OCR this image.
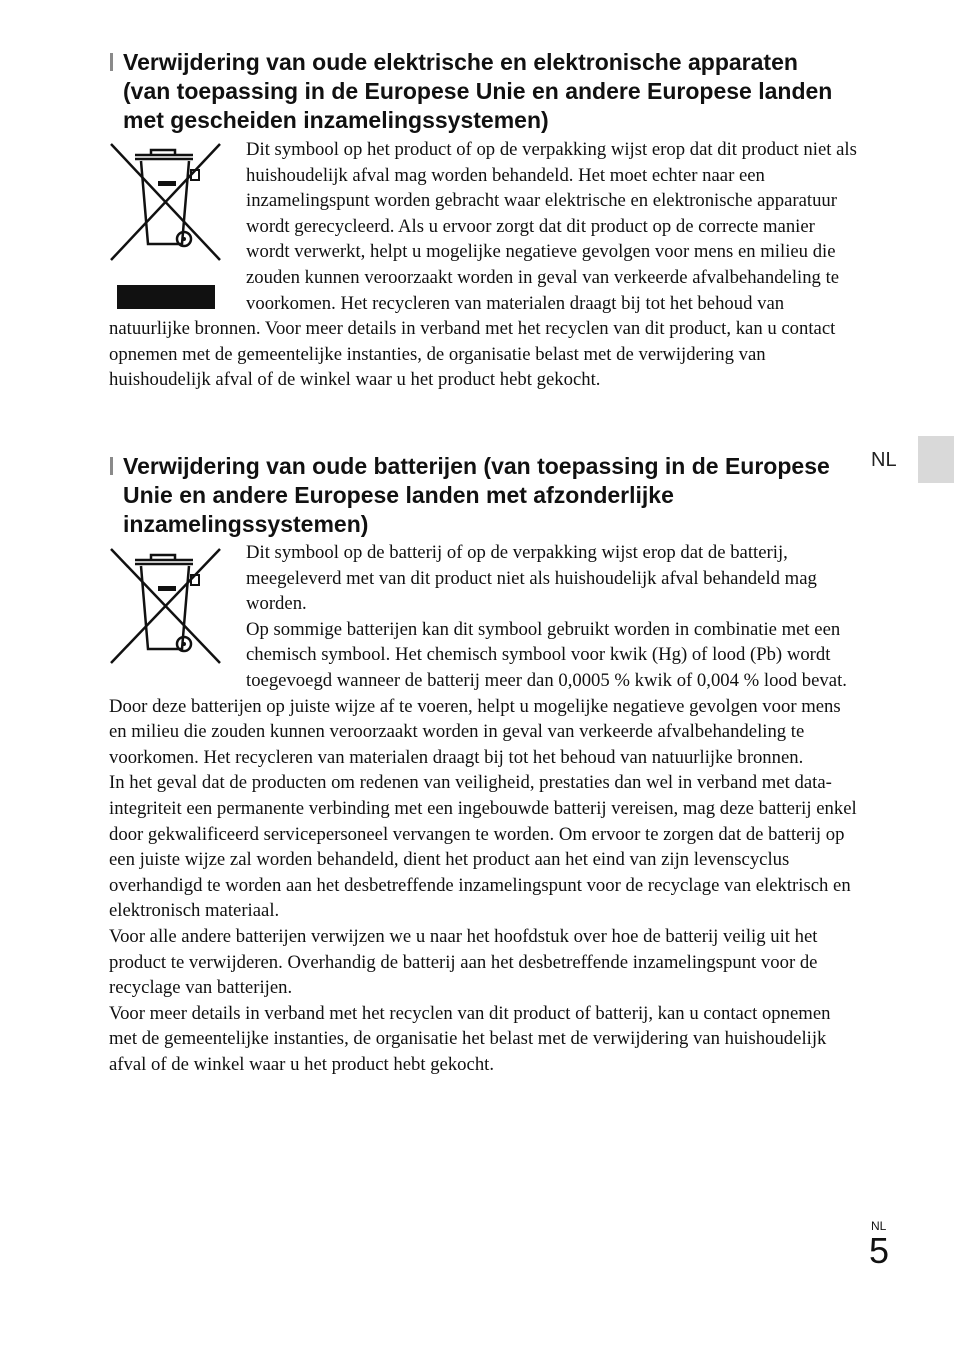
Verwijdering van oude elektrische en elektronische apparaten
(van toepassing in de Europese Unie en andere Europese landen
met gescheiden inzamelingssystemen)

Dit symbool op het product of op de verpakking wijst erop dat dit product niet als huishoudelijk afval mag worden behandeld. Het moet echter naar een inzamelingspunt worden gebracht waar elektrische en elektronische apparatuur wordt gerecycleerd. Als u ervoor zorgt dat dit product op de correcte manier wordt verwerkt, helpt u mogelijke negatieve gevolgen voor mens en milieu die zouden kunnen veroorzaakt worden in geval van verkeerde afvalbehandeling te voorkomen. Het recycleren van materialen draagt bij tot het behoud van natuurlijke bronnen. Voor meer details in verband met het recyclen van dit product, kan u contact opnemen met de gemeentelijke instanties, de organisatie belast met de verwijdering van huishoudelijk afval of de winkel waar u het product hebt gekocht.

Verwijdering van oude batterijen (van toepassing in de Europese
Unie en andere Europese landen met afzonderlijke
inzamelingssystemen)

Dit symbool op de batterij of op de verpakking wijst erop dat de batterij, meegeleverd met van dit product niet als huishoudelijk afval behandeld mag worden.

Op sommige batterijen kan dit symbool gebruikt worden in combinatie met een chemisch symbool. Het chemisch symbool voor kwik (Hg) of lood (Pb) wordt toegevoegd wanneer de batterij meer dan 0,0005 % kwik of 0,004 % lood bevat.

Door deze batterijen op juiste wijze af te voeren, helpt u mogelijke negatieve gevolgen voor mens en milieu die zouden kunnen veroorzaakt worden in geval van verkeerde afvalbehandeling te voorkomen. Het recycleren van materialen draagt bij tot het behoud van natuurlijke bronnen.

In het geval dat de producten om redenen van veiligheid, prestaties dan wel in verband met data-integriteit een permanente verbinding met een ingebouwde batterij vereisen, mag deze batterij enkel door gekwalificeerd servicepersoneel vervangen te worden. Om ervoor te zorgen dat de batterij op een juiste wijze zal worden behandeld, dient het product aan het eind van zijn levenscyclus overhandigd te worden aan het desbetreffende inzamelingspunt voor de recyclage van elektrisch en elektronisch materiaal.

Voor alle andere batterijen verwijzen we u naar het hoofdstuk over hoe de batterij veilig uit het product te verwijderen. Overhandig de batterij aan het desbetreffende inzamelingspunt voor de recyclage van batterijen.

Voor meer details in verband met het recyclen van dit product of batterij, kan u contact opnemen met de gemeentelijke instanties, de organisatie het belast met de verwijdering van huishoudelijk afval of de winkel waar u het product hebt gekocht.

NL
NL
5
